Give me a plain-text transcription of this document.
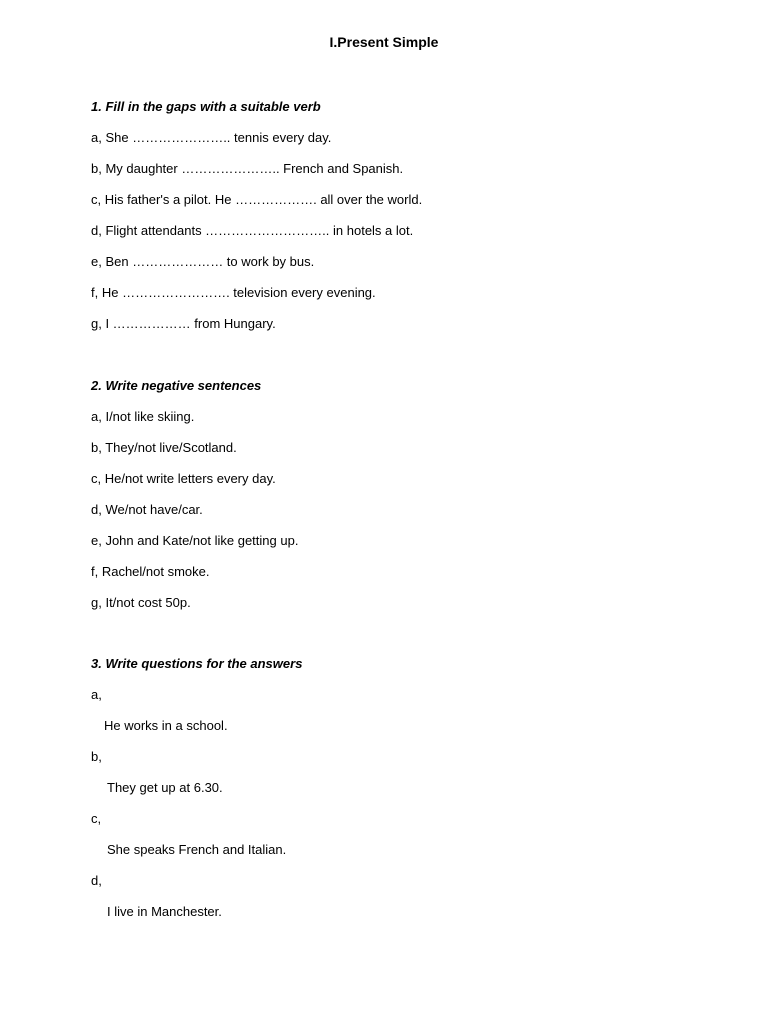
I.Present Simple
1. Fill in the gaps with a suitable verb
a, She ………………….. tennis every day.
b, My daughter ………………….. French and Spanish.
c, His father's a pilot. He ………………. all over the world.
d, Flight attendants ……………………….. in hotels a lot.
e, Ben ………………… to work by bus.
f, He ……………………. television every evening.
g, I ……………… from Hungary.
2. Write negative sentences
a, I/not like skiing.
b, They/not live/Scotland.
c, He/not write letters every day.
d, We/not have/car.
e, John and Kate/not like getting up.
f, Rachel/not smoke.
g, It/not cost 50p.
3. Write questions for the answers
a,
He works in a school.
b,
They get up at 6.30.
c,
She speaks French and Italian.
d,
I live in Manchester.
